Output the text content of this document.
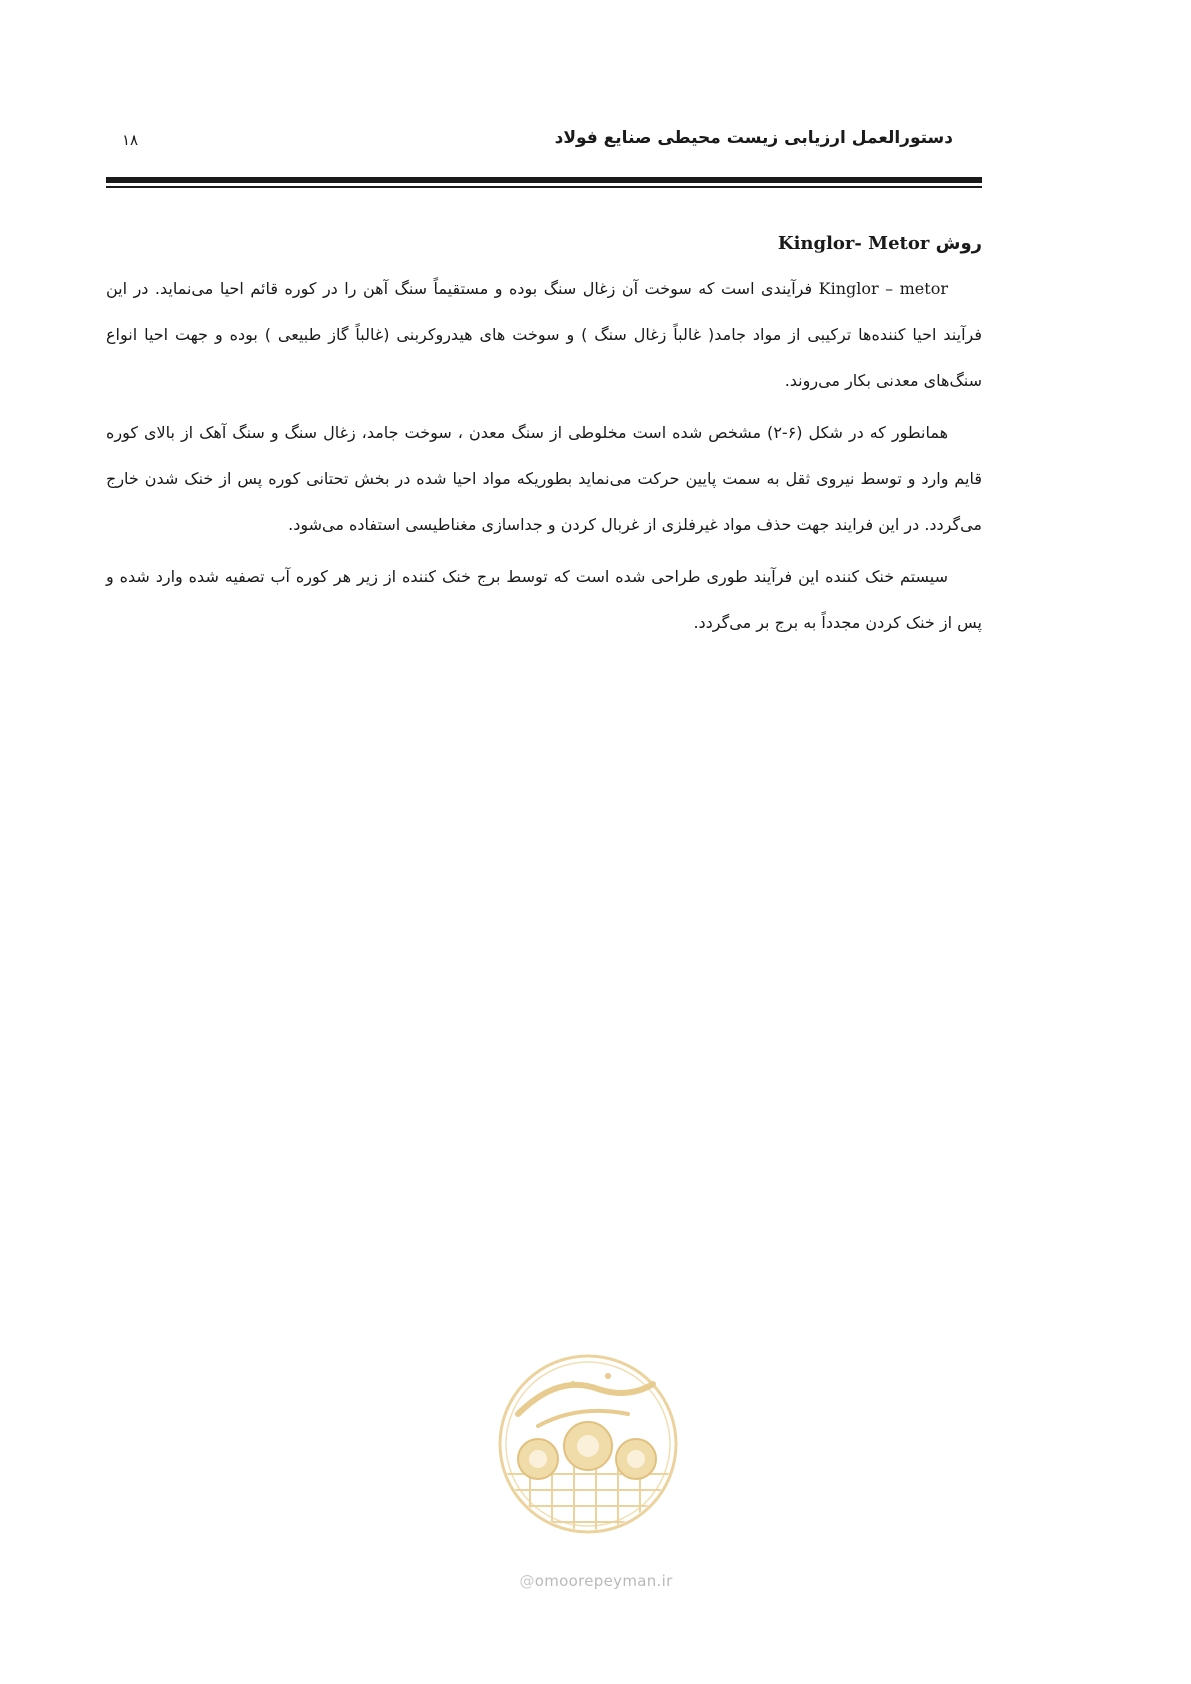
دستورالعمل ارزیابی زیست محیطی صنایع فولاد
۱۸
روش Kinglor- Metor

Kinglor – metor فرآیندی است که سوخت آن زغال سنگ بوده و مستقیماً سنگ آهن را در کوره قائم احیا می‌نماید. در این فرآیند احیا کننده‌ها ترکیبی از مواد جامد( غالباً زغال سنگ ) و سوخت های هیدروکربنی (غالباً گاز طبیعی ) بوده و جهت احیا انواع سنگ‌های معدنی بکار می‌روند.

همانطور که در شکل (۶-۲) مشخص شده است مخلوطی از سنگ معدن ، سوخت جامد، زغال سنگ و سنگ آهک از بالای کوره قایم وارد و توسط نیروی ثقل به سمت پایین حرکت می‌نماید بطوریکه مواد احیا شده در بخش تحتانی کوره پس از خنک شدن خارج می‌گردد. در این فرایند جهت حذف مواد غیرفلزی از غربال کردن و جداسازی مغناطیسی استفاده می‌شود.

سیستم خنک کننده این فرآیند طوری طراحی شده است که توسط برج خنک کننده از زیر هر کوره آب تصفیه شده وارد شده و پس از خنک کردن مجدداً به برج بر می‌گردد.

@omoorepeyman.ir
